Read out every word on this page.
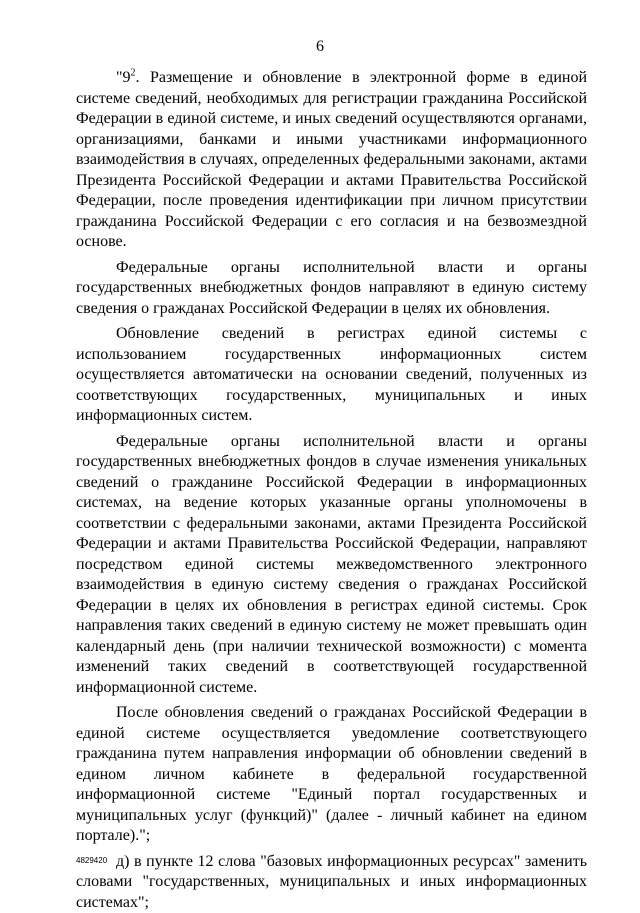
6

"$9^2$. Размещение и обновление в электронной форме в единой системе сведений, необходимых для регистрации гражданина Российской Федерации в единой системе, и иных сведений осуществляются органами, организациями, банками и иными участниками информационного взаимодействия в случаях, определенных федеральными законами, актами Президента Российской Федерации и актами Правительства Российской Федерации, после проведения идентификации при личном присутствии гражданина Российской Федерации с его согласия и на безвозмездной основе.

Федеральные органы исполнительной власти и органы государственных внебюджетных фондов направляют в единую систему сведения о гражданах Российской Федерации в целях их обновления.

Обновление сведений в регистрах единой системы с использованием государственных информационных систем осуществляется автоматически на основании сведений, полученных из соответствующих государственных, муниципальных и иных информационных систем.

Федеральные органы исполнительной власти и органы государственных внебюджетных фондов в случае изменения уникальных сведений о гражданине Российской Федерации в информационных системах, на ведение которых указанные органы уполномочены в соответствии с федеральными законами, актами Президента Российской Федерации и актами Правительства Российской Федерации, направляют посредством единой системы межведомственного электронного взаимодействия в единую систему сведения о гражданах Российской Федерации в целях их обновления в регистрах единой системы. Срок направления таких сведений в единую систему не может превышать один календарный день (при наличии технической возможности) с момента изменений таких сведений в соответствующей государственной информационной системе.

После обновления сведений о гражданах Российской Федерации в единой системе осуществляется уведомление соответствующего гражданина путем направления информации об обновлении сведений в едином личном кабинете в федеральной государственной информационной системе "Единый портал государственных и муниципальных услуг (функций)" (далее - личный кабинет на едином портале).";

д) в пункте 12 слова "базовых информационных ресурсах" заменить словами "государственных, муниципальных и иных информационных системах";

4829420
